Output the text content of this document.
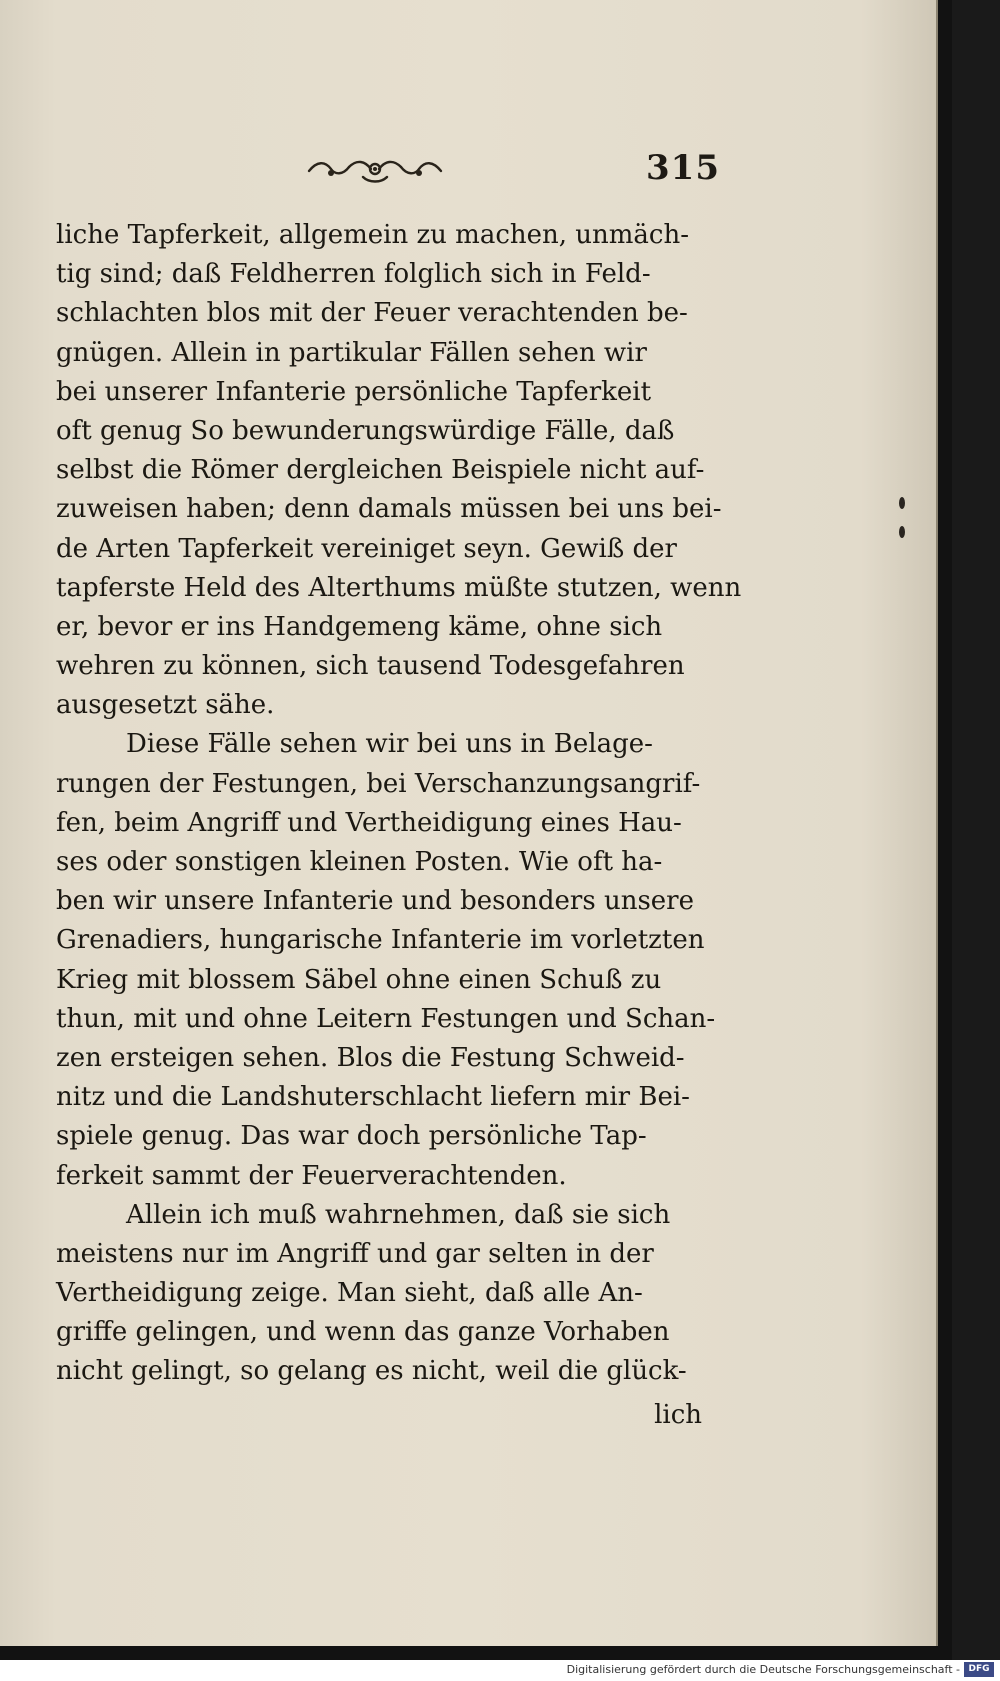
315
liche Tapferkeit, allgemein zu machen, unmäch-
tig sind; daß Feldherren folglich sich in Feld-
schlachten blos mit der Feuer verachtenden be-
gnügen. Allein in partikular Fällen sehen wir
bei unserer Infanterie persönliche Tapferkeit
oft genug So bewunderungswürdige Fälle, daß
selbst die Römer dergleichen Beispiele nicht auf-
zuweisen haben; denn damals müssen bei uns bei-
de Arten Tapferkeit vereiniget seyn. Gewiß der
tapferste Held des Alterthums müßte stutzen, wenn
er, bevor er ins Handgemeng käme, ohne sich
wehren zu können, sich tausend Todesgefahren
ausgesetzt sähe.
Diese Fälle sehen wir bei uns in Belage-
rungen der Festungen, bei Verschanzungsangrif-
fen, beim Angriff und Vertheidigung eines Hau-
ses oder sonstigen kleinen Posten. Wie oft ha-
ben wir unsere Infanterie und besonders unsere
Grenadiers, hungarische Infanterie im vorletzten
Krieg mit blossem Säbel ohne einen Schuß zu
thun, mit und ohne Leitern Festungen und Schan-
zen ersteigen sehen. Blos die Festung Schweid-
nitz und die Landshuterschlacht liefern mir Bei-
spiele genug. Das war doch persönliche Tap-
ferkeit sammt der Feuerverachtenden.
Allein ich muß wahrnehmen, daß sie sich
meistens nur im Angriff und gar selten in der
Vertheidigung zeige. Man sieht, daß alle An-
griffe gelingen, und wenn das ganze Vorhaben
nicht gelingt, so gelang es nicht, weil die glück-
lich
Digitalisierung gefördert durch die Deutsche Forschungsgemeinschaft - DFG
